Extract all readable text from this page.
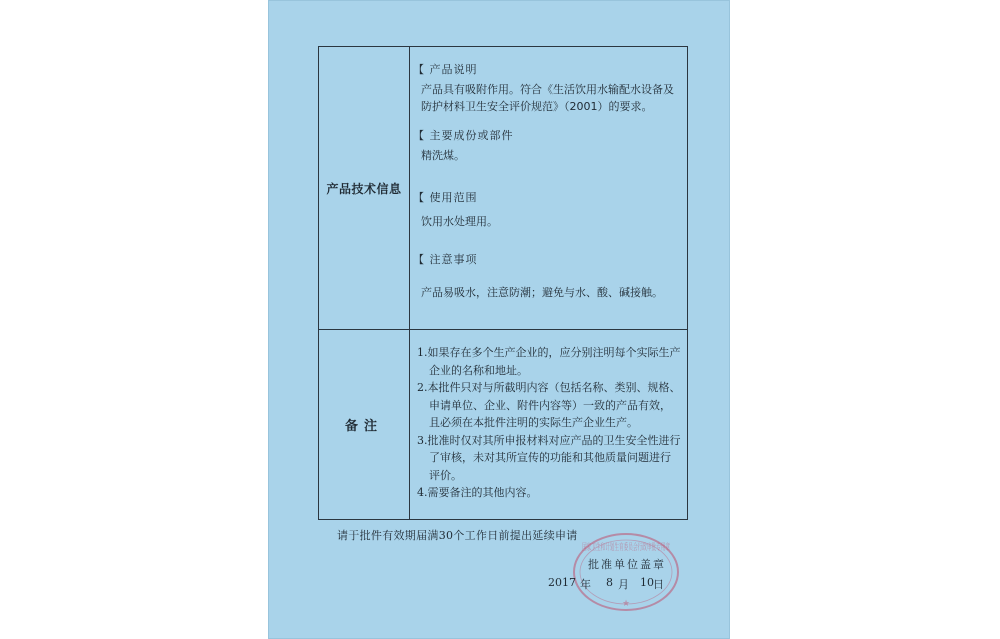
产品技术信息
【 产品说明
产品具有吸附作用。符合《生活饮用水输配水设备及防护材料卫生安全评价规范》（2001）的要求。
【 主要成份或部件
精洗煤。
【 使用范围
饮用水处理用。
【 注意事项
产品易吸水，注意防潮；避免与水、酸、碱接触。
备注

1.如果存在多个生产企业的，应分别注明每个实际生产企业的名称和地址。

2.本批件只对与所截明内容（包括名称、类别、规格、申请单位、企业、附件内容等）一致的产品有效，且必须在本批件注明的实际生产企业生产。

3.批准时仅对其所申报材料对应产品的卫生安全性进行了审核，未对其所宣传的功能和其他质量问题进行评价。

4.需要备注的其他内容。

请于批件有效期届满30个工作日前提出延续申请
国家卫生和计划生育委员会行政审批专用章
★
批准单位盖章
2017 年 8 月 10 日
